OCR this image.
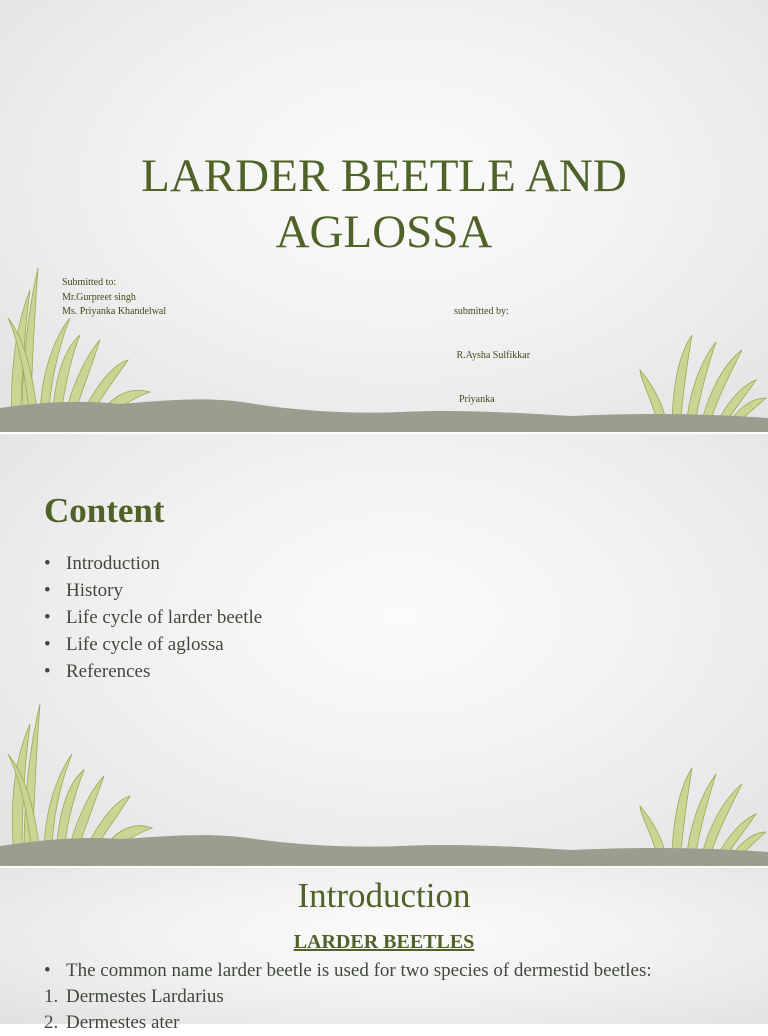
LARDER BEETLE AND
AGLOSSA
Submitted to:
Mr.Gurpreet singh
Ms. Priyanka Khandelwal

	submitted by:

R.Aysha Sulfikkar

Priyanka

Content
• Introduction
• History
• Life cycle of larder beetle
• Life cycle of aglossa
• References
Introduction
LARDER BEETLES
• The common name larder beetle is used for two species of dermestid beetles:
1. Dermestes Lardarius
2. Dermestes ater
